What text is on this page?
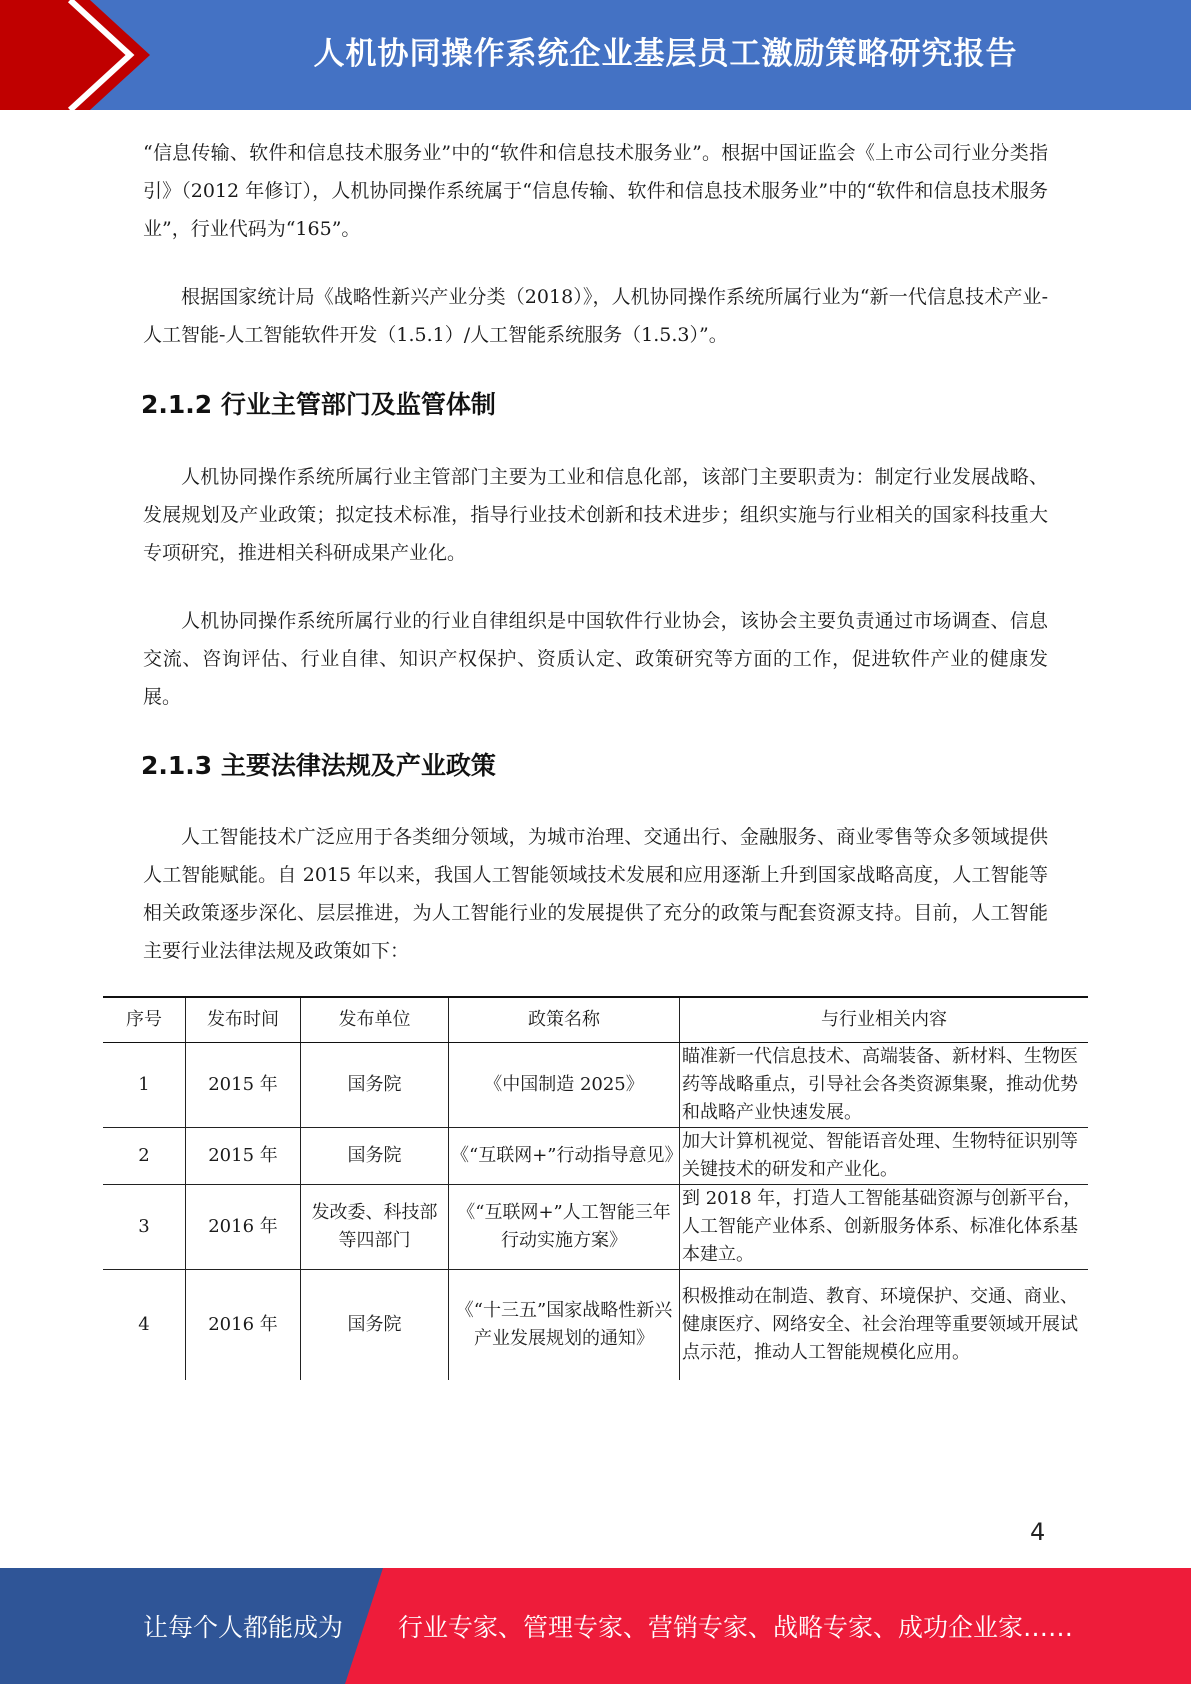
人机协同操作系统企业基层员工激励策略研究报告

“信息传输、软件和信息技术服务业”中的“软件和信息技术服务业”。根据中国证监会《上市公司行业分类指引》（2012 年修订），人机协同操作系统属于“信息传输、软件和信息技术服务业”中的“软件和信息技术服务业”，行业代码为“165”。

根据国家统计局《战略性新兴产业分类（2018）》，人机协同操作系统所属行业为“新一代信息技术产业-人工智能-人工智能软件开发（1.5.1）/人工智能系统服务（1.5.3）”。

2.1.2 行业主管部门及监管体制

人机协同操作系统所属行业主管部门主要为工业和信息化部，该部门主要职责为：制定行业发展战略、发展规划及产业政策；拟定技术标准，指导行业技术创新和技术进步；组织实施与行业相关的国家科技重大专项研究，推进相关科研成果产业化。

人机协同操作系统所属行业的行业自律组织是中国软件行业协会，该协会主要负责通过市场调查、信息交流、咨询评估、行业自律、知识产权保护、资质认定、政策研究等方面的工作，促进软件产业的健康发展。

2.1.3 主要法律法规及产业政策

人工智能技术广泛应用于各类细分领域，为城市治理、交通出行、金融服务、商业零售等众多领域提供人工智能赋能。自 2015 年以来，我国人工智能领域技术发展和应用逐渐上升到国家战略高度，人工智能等相关政策逐步深化、层层推进，为人工智能行业的发展提供了充分的政策与配套资源支持。目前，人工智能主要行业法律法规及政策如下：

序号	发布时间	发布单位	政策名称	与行业相关内容
1	2015 年	国务院	《中国制造 2025》	瞄准新一代信息技术、高端装备、新材料、生物医药等战略重点，引导社会各类资源集聚，推动优势和战略产业快速发展。
2	2015 年	国务院	《“互联网+”行动指导意见》	加大计算机视觉、智能语音处理、生物特征识别等关键技术的研发和产业化。
3	2016 年	发改委、科技部等四部门	《“互联网+”人工智能三年行动实施方案》	到 2018 年，打造人工智能基础资源与创新平台，人工智能产业体系、创新服务体系、标准化体系基本建立。
4	2016 年	国务院	《“十三五”国家战略性新兴产业发展规划的通知》	积极推动在制造、教育、环境保护、交通、商业、健康医疗、网络安全、社会治理等重要领域开展试点示范，推动人工智能规模化应用。
4
让每个人都能成为 行业专家、管理专家、营销专家、战略专家、成功企业家……
